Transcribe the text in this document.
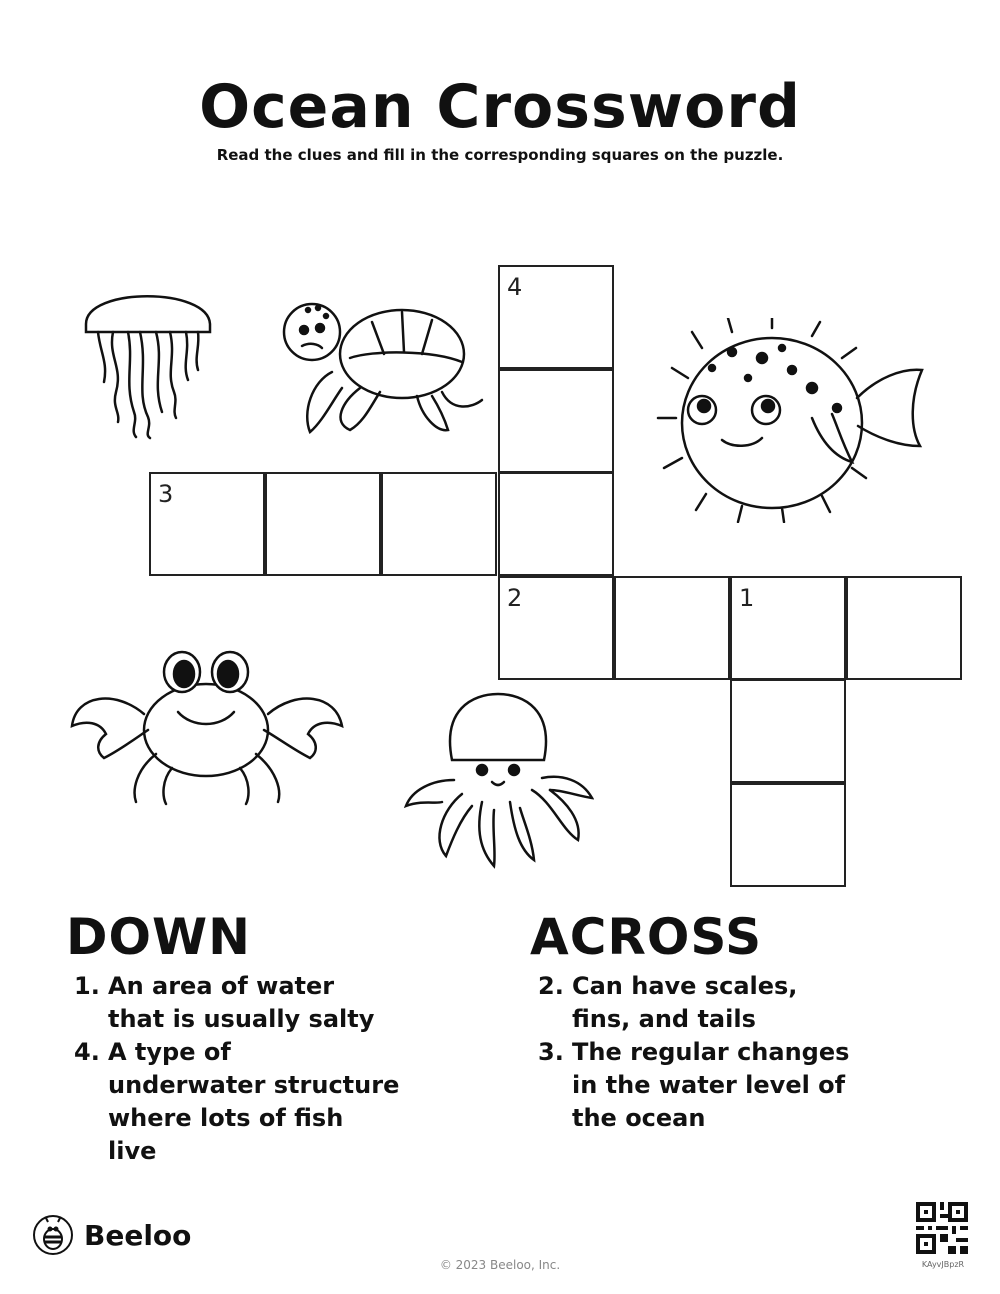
Ocean Crossword
Read the clues and fill in the corresponding squares on the puzzle.
4
3
2	1
DOWN
1. An area of water
that is usually salty
4. A type of
underwater structure
where lots of fish
live
ACROSS
2. Can have scales,
fins, and tails
3. The regular changes
in the water level of
the ocean
Beeloo
© 2023 Beeloo, Inc.	KAyvJBpzR
